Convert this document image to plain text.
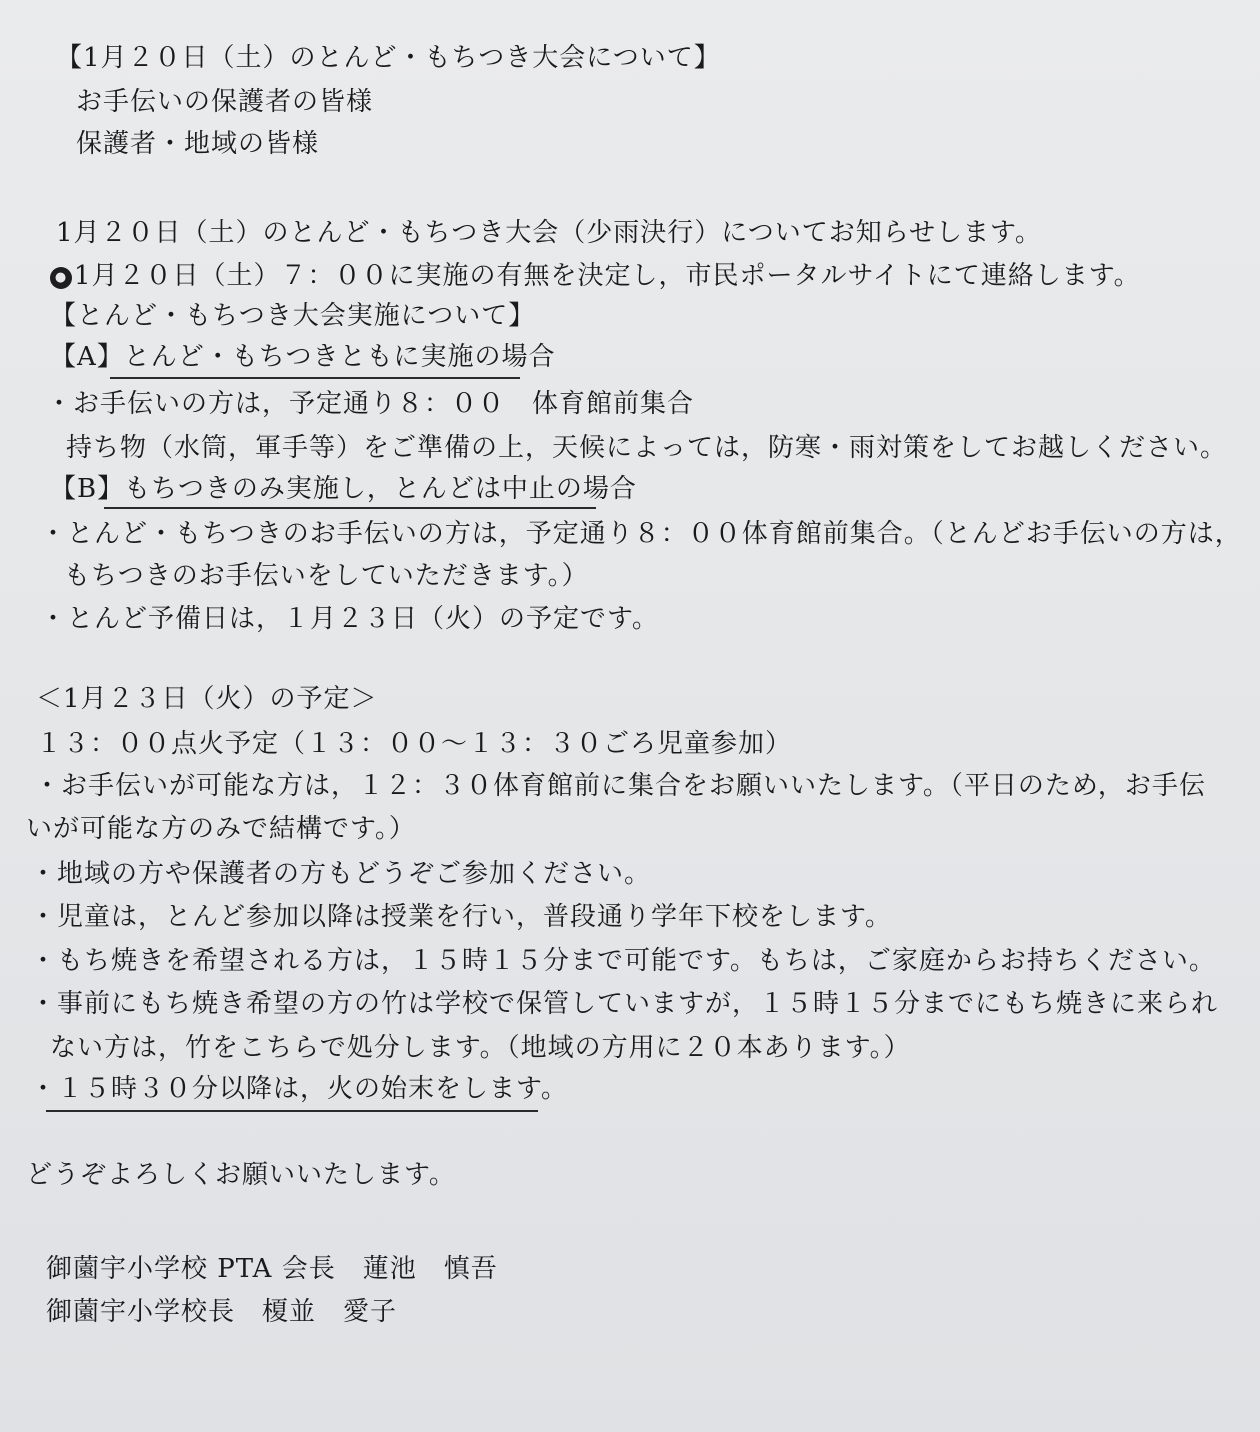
【1月２０日（土）のとんど・もちつき大会について】
お手伝いの保護者の皆様
保護者・地域の皆様
1月２０日（土）のとんど・もちつき大会（少雨決行）についてお知らせします。
● 1月２０日（土）７：００に実施の有無を決定し，市民ポータルサイトにて連絡します。
【とんど・もちつき大会実施について】
【A】とんど・もちつきともに実施の場合
・お手伝いの方は，予定通り８：００　体育館前集合
持ち物（水筒，軍手等）をご準備の上，天候によっては，防寒・雨対策をしてお越しください。
【B】もちつきのみ実施し，とんどは中止の場合
・とんど・もちつきのお手伝いの方は，予定通り８：００体育館前集合。（とんどお手伝いの方は，
もちつきのお手伝いをしていただきます。）
・とんど予備日は，１月２３日（火）の予定です。
＜1月２３日（火）の予定＞
１３：００点火予定（１３：００～１３：３０ごろ児童参加）
・お手伝いが可能な方は，１２：３０体育館前に集合をお願いいたします。（平日のため，お手伝
いが可能な方のみで結構です。）
・地域の方や保護者の方もどうぞご参加ください。
・児童は，とんど参加以降は授業を行い，普段通り学年下校をします。
・もち焼きを希望される方は，１５時１５分まで可能です。もちは，ご家庭からお持ちください。
・事前にもち焼き希望の方の竹は学校で保管していますが，１５時１５分までにもち焼きに来られ
ない方は，竹をこちらで処分します。（地域の方用に２０本あります。）
・１５時３０分以降は，火の始末をします。
どうぞよろしくお願いいたします。
御薗宇小学校 PTA 会長　蓮池　慎吾
御薗宇小学校長　榎並　愛子
